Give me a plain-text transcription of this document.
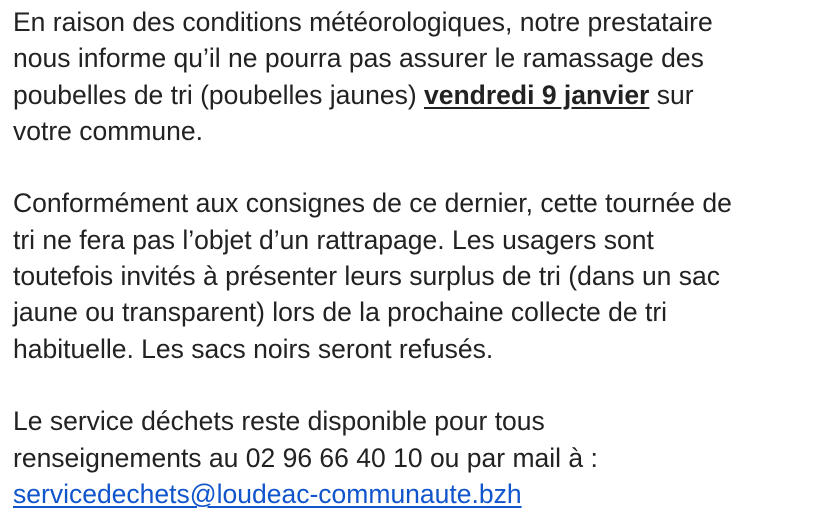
En raison des conditions météorologiques, notre prestataire
nous informe qu’il ne pourra pas assurer le ramassage des
poubelles de tri (poubelles jaunes) vendredi 9 janvier sur
votre commune.

Conformément aux consignes de ce dernier, cette tournée de
tri ne fera pas l’objet d’un rattrapage. Les usagers sont
toutefois invités à présenter leurs surplus de tri (dans un sac
jaune ou transparent) lors de la prochaine collecte de tri
habituelle. Les sacs noirs seront refusés.

Le service déchets reste disponible pour tous
renseignements au 02 96 66 40 10 ou par mail à :
servicedechets@loudeac-communaute.bzh
